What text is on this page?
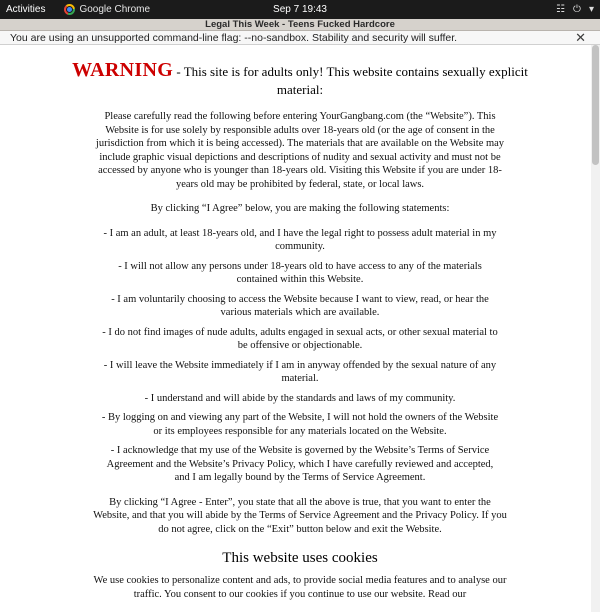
Activities	Google Chrome	Sep 7 19:43	☷ ⏻ ▾
Legal This Week - Teens Fucked Hardcore
You are using an unsupported command-line flag: --no-sandbox. Stability and security will suffer.	✕
WARNING - This site is for adults only! This website contains sexually explicit material:

Please carefully read the following before entering YourGangbang.com (the “Website”). This Website is for use solely by responsible adults over 18-years old (or the age of consent in the jurisdiction from which it is being accessed). The materials that are available on the Website may include graphic visual depictions and descriptions of nudity and sexual activity and must not be accessed by anyone who is younger than 18-years old. Visiting this Website if you are under 18-years old may be prohibited by federal, state, or local laws.

By clicking “I Agree” below, you are making the following statements:

- I am an adult, at least 18-years old, and I have the legal right to possess adult material in my community.
- I will not allow any persons under 18-years old to have access to any of the materials contained within this Website.
- I am voluntarily choosing to access the Website because I want to view, read, or hear the various materials which are available.
- I do not find images of nude adults, adults engaged in sexual acts, or other sexual material to be offensive or objectionable.
- I will leave the Website immediately if I am in anyway offended by the sexual nature of any material.
- I understand and will abide by the standards and laws of my community.
- By logging on and viewing any part of the Website, I will not hold the owners of the Website or its employees responsible for any materials located on the Website.
- I acknowledge that my use of the Website is governed by the Website’s Terms of Service Agreement and the Website’s Privacy Policy, which I have carefully reviewed and accepted, and I am legally bound by the Terms of Service Agreement.

By clicking “I Agree - Enter”, you state that all the above is true, that you want to enter the Website, and that you will abide by the Terms of Service Agreement and the Privacy Policy. If you do not agree, click on the “Exit” button below and exit the Website.

This website uses cookies

We use cookies to personalize content and ads, to provide social media features and to analyse our traffic. You consent to our cookies if you continue to use our website. Read our
